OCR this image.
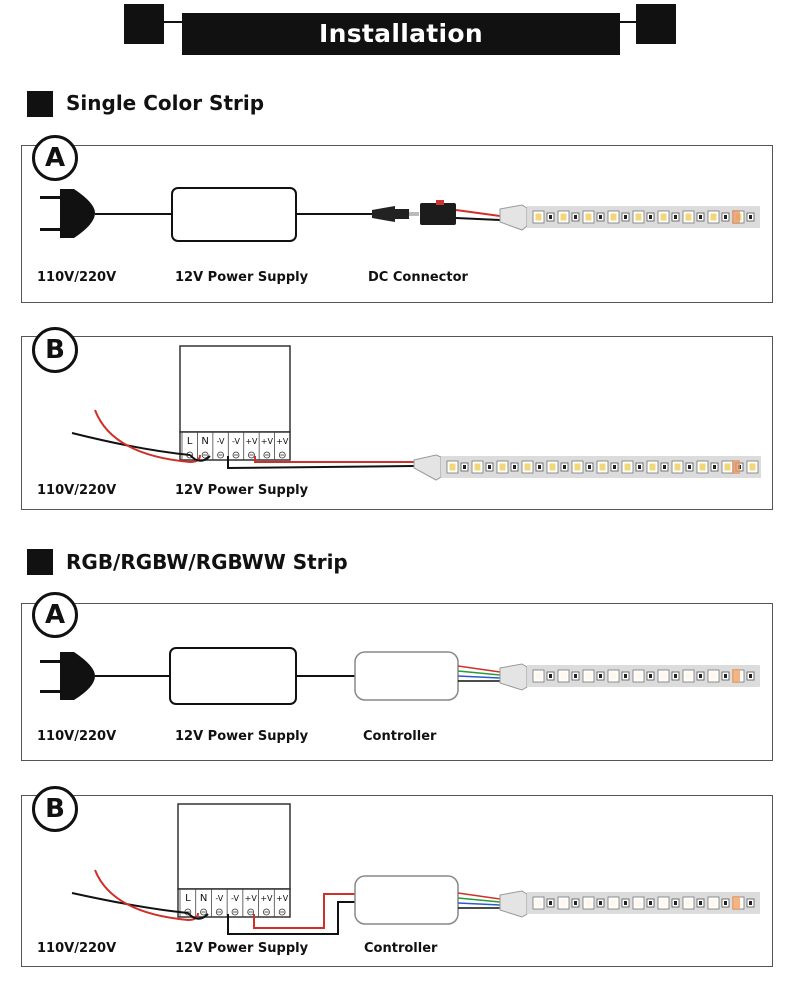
Installation
Single Color Strip
RGB/RGBW/RGBWW Strip
L N -V -V +V +V +V
L N -V -V +V +V +V
A
B
A
B
110V/220V	12V Power Supply	DC Connector
110V/220V	12V Power Supply
110V/220V	12V Power Supply	Controller
110V/220V	12V Power Supply	Controller
